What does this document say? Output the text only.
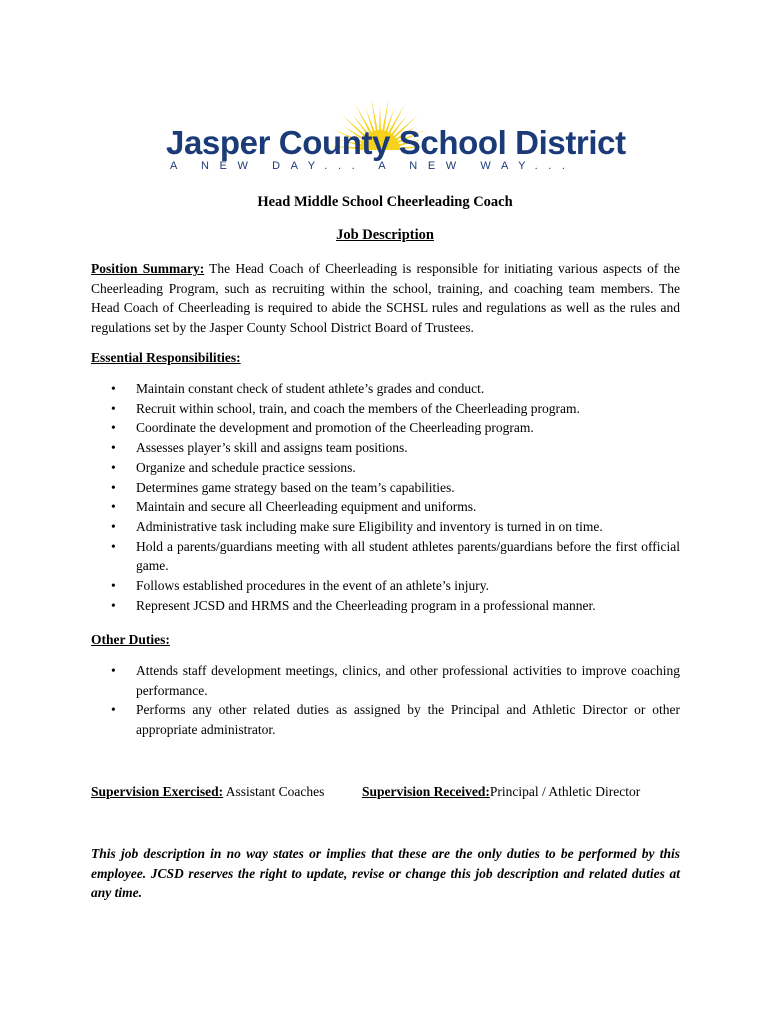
Jasper County School District
A NEW DAY... A NEW WAY...
Head Middle School Cheerleading Coach
Job Description
Position Summary: The Head Coach of Cheerleading is responsible for initiating various aspects of the Cheerleading Program, such as recruiting within the school, training, and coaching team members. The Head Coach of Cheerleading is required to abide the SCHSL rules and regulations as well as the rules and regulations set by the Jasper County School District Board of Trustees.
Essential Responsibilities:
• Maintain constant check of student athlete’s grades and conduct.
• Recruit within school, train, and coach the members of the Cheerleading program.
• Coordinate the development and promotion of the Cheerleading program.
• Assesses player’s skill and assigns team positions.
• Organize and schedule practice sessions.
• Determines game strategy based on the team’s capabilities.
• Maintain and secure all Cheerleading equipment and uniforms.
• Administrative task including make sure Eligibility and inventory is turned in on time.
• Hold a parents/guardians meeting with all student athletes parents/guardians before the first official game.
• Follows established procedures in the event of an athlete’s injury.
• Represent JCSD and HRMS and the Cheerleading program in a professional manner.
Other Duties:
• Attends staff development meetings, clinics, and other professional activities to improve coaching performance.
• Performs any other related duties as assigned by the Principal and Athletic Director or other appropriate administrator.
Supervision Exercised: Assistant Coaches	Supervision Received:Principal / Athletic Director
This job description in no way states or implies that these are the only duties to be performed by this employee. JCSD reserves the right to update, revise or change this job description and related duties at any time.
